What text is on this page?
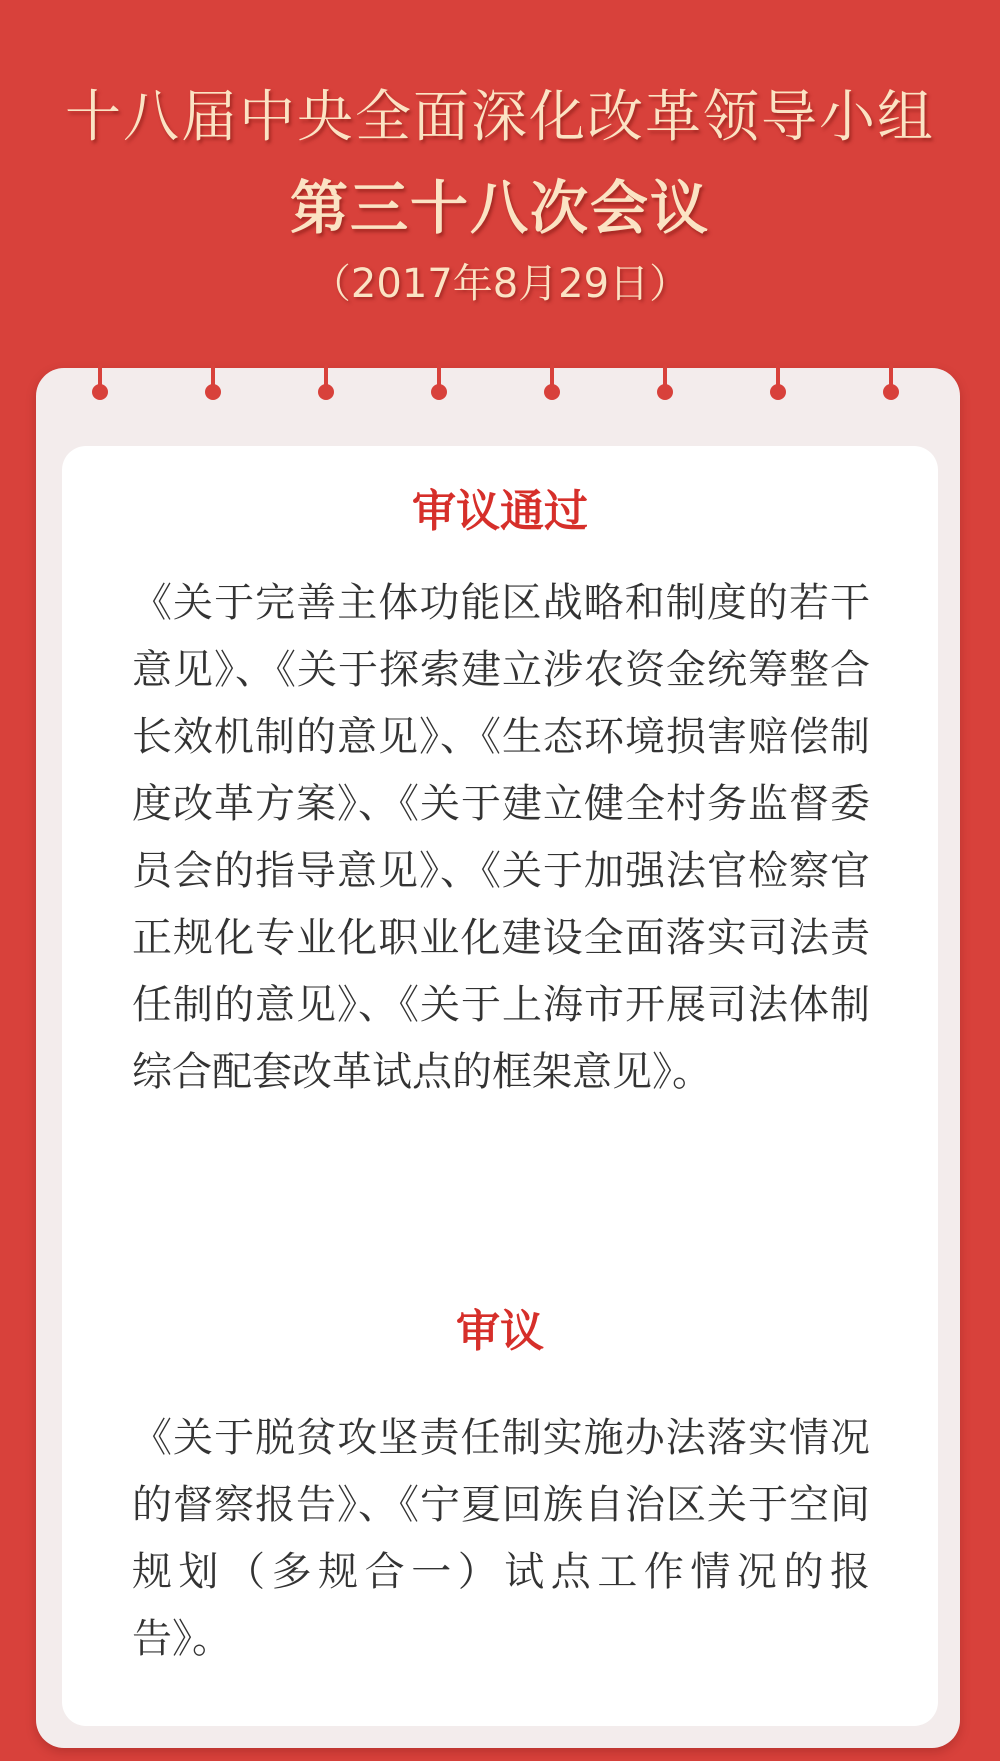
十八届中央全面深化改革领导小组
第三十八次会议
（2017年8月29日）
审议通过
《关于完善主体功能区战略和制度的若干意见》、《关于探索建立涉农资金统筹整合长效机制的意见》、《生态环境损害赔偿制度改革方案》、《关于建立健全村务监督委员会的指导意见》、《关于加强法官检察官正规化专业化职业化建设全面落实司法责任制的意见》、《关于上海市开展司法体制综合配套改革试点的框架意见》。
审议
《关于脱贫攻坚责任制实施办法落实情况的督察报告》、《宁夏回族自治区关于空间规划（多规合一）试点工作情况的报告》。
